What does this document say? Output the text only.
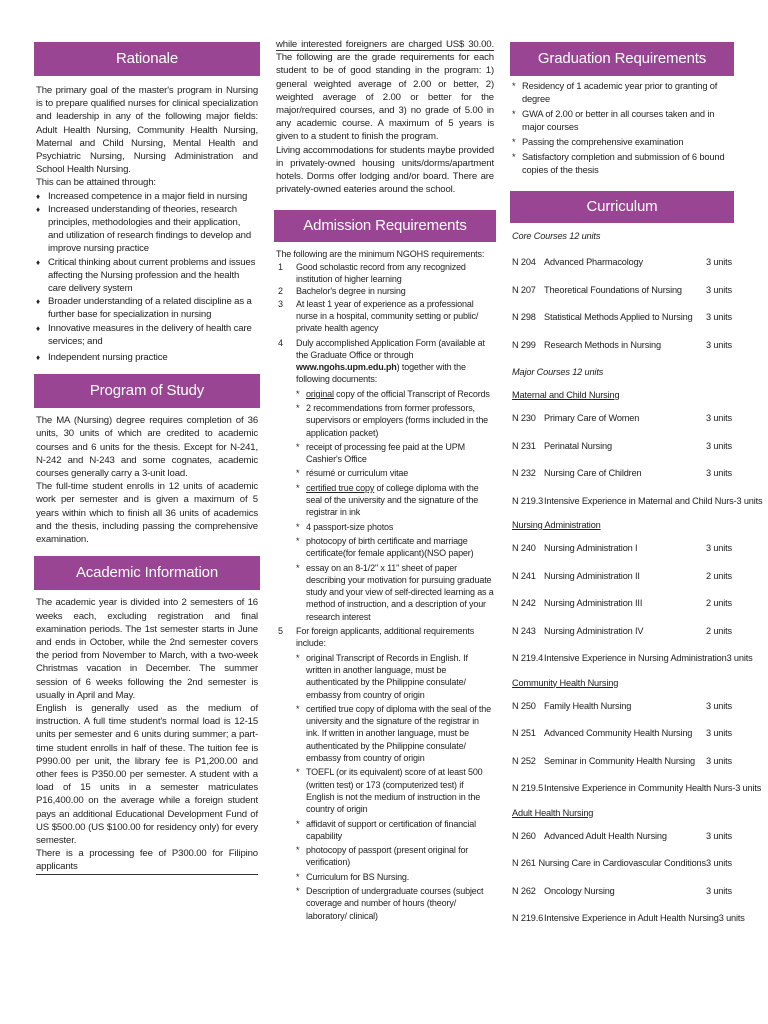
Rationale

The primary goal of the master's program in Nursing is to prepare qualified nurses for clinical specialization and leadership in any of the following major fields: Adult Health Nursing, Community Health Nursing, Maternal and Child Nursing, Mental Health and Psychiatric Nursing, Nursing Administration and School Health Nursing.

This can be attained through:

♦ Increased competence in a major field in nursing
♦ Increased understanding of theories, research principles, methodologies and their application, and utilization of research findings to develop and improve nursing practice
♦ Critical thinking about current problems and issues affecting the Nursing profession and the health care delivery system
♦ Broader understanding of a related discipline as a further base for specialization in nursing
♦ Innovative measures in the delivery of health care services; and
♦ Independent nursing practice
Program of Study

The MA (Nursing) degree requires completion of 36 units, 30 units of which are credited to academic courses and 6 units for the thesis. Except for N-241, N-242 and N-243 and some cognates, academic courses generally carry a 3-unit load.

The full-time student enrolls in 12 units of academic work per semester and is given a maximum of 5 years within which to finish all 36 units of academics and the thesis, including passing the comprehensive examination.

Academic Information

The academic year is divided into 2 semesters of 16 weeks each, excluding registration and final examination periods. The 1st semester starts in June and ends in October, while the 2nd semester covers the period from November to March, with a two-week Christmas vacation in December. The summer session of 6 weeks following the 2nd semester is usually in April and May.

English is generally used as the medium of instruction. A full time student's normal load is 12-15 units per semester and 6 units during summer; a part-time student enrolls in half of these. The tuition fee is P990.00 per unit, the library fee is P1,200.00 and other fees is P350.00 per semester. A student with a load of 15 units in a semester matriculates P16,400.00 on the average while a foreign student pays an additional Educational Development Fund of US $500.00 (US $100.00 for residency only) for every semester.

There is a processing fee of P300.00 for Filipino applicants

while interested foreigners are charged US$ 30.00. The following are the grade requirements for each student to be of good standing in the program: 1) general weighted average of 2.00 or better, 2) weighted average of 2.00 or better for the major/required courses, and 3) no grade of 5.00 in any academic course. A maximum of 5 years is given to a student to finish the program.

Living accommodations for students maybe provided in privately-owned housing units/dorms/apartment hotels. Dorms offer lodging and/or board. There are privately-owned eateries around the school.

Admission Requirements

The following are the minimum NGOHS requirements:

1 Good scholastic record from any recognized institution of higher learning
2 Bachelor's degree in nursing
3 At least 1 year of experience as a professional nurse in a hospital, community setting or public/ private health agency
4 Duly accomplished Application Form (available at the Graduate Office or through www.ngohs.upm.edu.ph) together with the following documents:
* original copy of the official Transcript of Records
* 2 recommendations from former professors, supervisors or employers (forms included in the application packet)
* receipt of processing fee paid at the UPM Cashier's Office
* résumé or curriculum vitae
* certified true copy of college diploma with the seal of the university and the signature of the registrar in ink
* 4 passport-size photos
* photocopy of birth certificate and marriage certificate(for female applicant)(NSO paper)
* essay on an 8-1/2" x 11" sheet of paper describing your motivation for pursuing graduate study and your view of self-directed learning as a method of instruction, and a description of your research interest
5 For foreign applicants, additional requirements include:
* original Transcript of Records in English. If written in another language, must be authenticated by the Philippine consulate/ embassy from country of origin
* certified true copy of diploma with the seal of the university and the signature of the registrar in ink. If written in another language, must be authenticated by the Philippine consulate/ embassy from country of origin
* TOEFL (or its equivalent) score of at least 500 (written test) or 173 (computerized test) if English is not the medium of instruction in the country of origin
* affidavit of support or certification of financial capability
* photocopy of passport (present original for verification)
* Curriculum for BS Nursing.
* Description of undergraduate courses (subject coverage and number of hours (theory/ laboratory/ clinical)
Graduation Requirements
* Residency of 1 academic year prior to granting of degree
* GWA of 2.00 or better in all courses taken and in major courses
* Passing the comprehensive examination
* Satisfactory completion and submission of 6 bound copies of the thesis
Curriculum
Core Courses 12 units
N 204 Advanced Pharmacology	3 units
N 207 Theoretical Foundations of Nursing	3 units
N 298 Statistical Methods Applied to Nursing	3 units
N 299 Research Methods in Nursing	3 units
Major Courses 12 units
Maternal and Child Nursing
N 230 Primary Care of Women	3 units
N 231 Perinatal Nursing	3 units
N 232 Nursing Care of Children	3 units
N 219.3 Intensive Experience in Maternal and Child Nurs- 3 units
Nursing Administration
N 240 Nursing Administration I	3 units
N 241 Nursing Administration II	2 units
N 242 Nursing Administration III	2 units
N 243 Nursing Administration IV	2 units
N 219.4 Intensive Experience in Nursing Administration 3 units
Community Health Nursing
N 250 Family Health Nursing	3 units
N 251 Advanced Community Health Nursing	3 units
N 252 Seminar in Community Health Nursing	3 units
N 219.5 Intensive Experience in Community Health Nurs- 3 units
Adult Health Nursing
N 260 Advanced Adult Health Nursing	3 units
N 261 Nursing Care in Cardiovascular Conditions 3 units
N 262 Oncology Nursing	3 units
N 219.6 Intensive Experience in Adult Health Nursing 3 units
